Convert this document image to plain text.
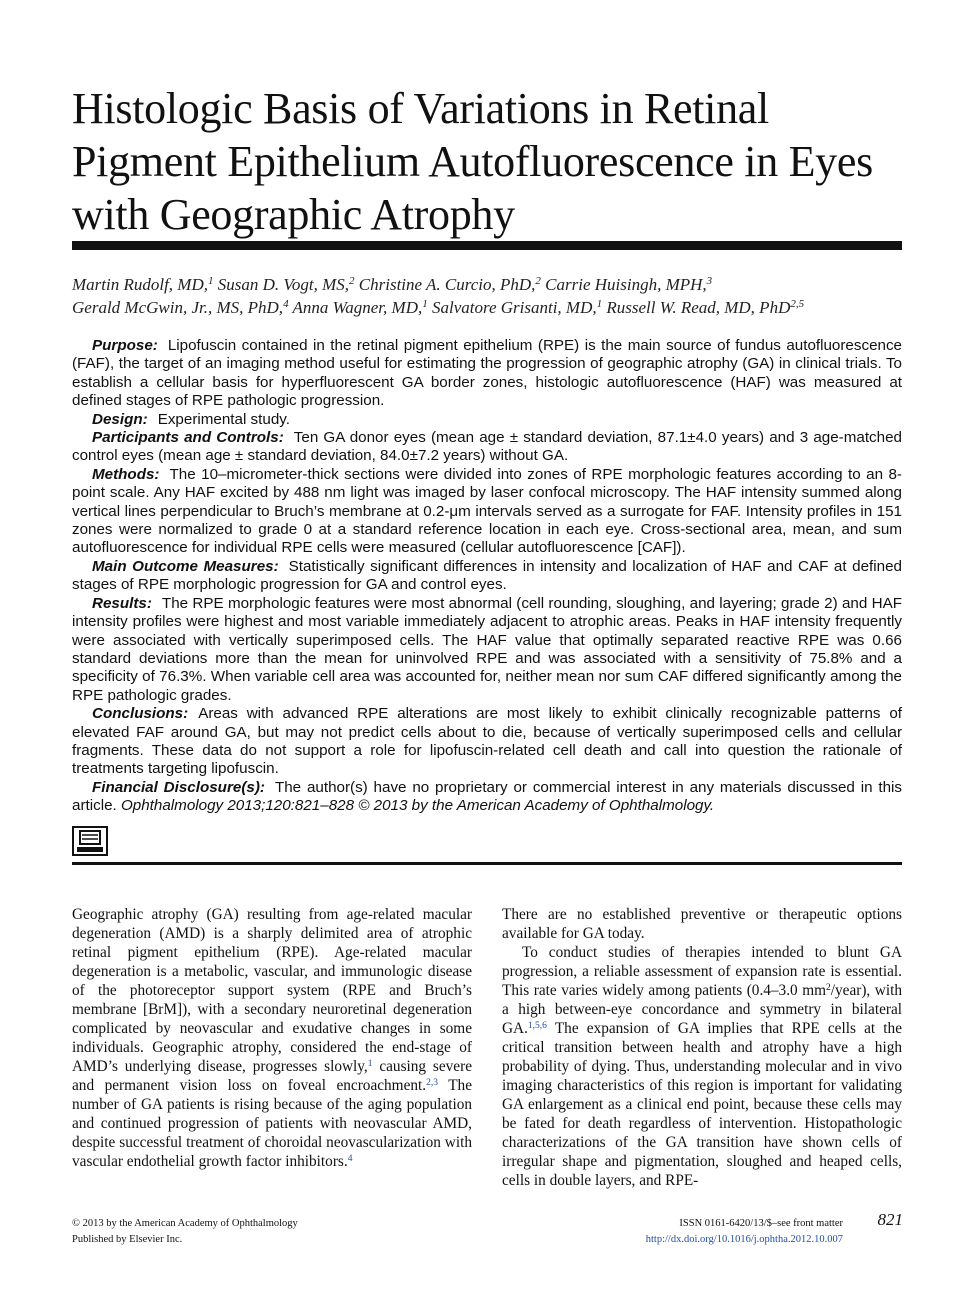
Histologic Basis of Variations in Retinal Pigment Epithelium Autofluorescence in Eyes with Geographic Atrophy
Martin Rudolf, MD,$^1$ Susan D. Vogt, MS,$^2$ Christine A. Curcio, PhD,$^2$ Carrie Huisingh, MPH,$^3$
Gerald McGwin, Jr., MS, PhD,$^4$ Anna Wagner, MD,$^1$ Salvatore Grisanti, MD,$^1$ Russell W. Read, MD, PhD$^{2,5}$

Purpose: Lipofuscin contained in the retinal pigment epithelium (RPE) is the main source of fundus autofluorescence (FAF), the target of an imaging method useful for estimating the progression of geographic atrophy (GA) in clinical trials. To establish a cellular basis for hyperfluorescent GA border zones, histologic autofluorescence (HAF) was measured at defined stages of RPE pathologic progression.

Design: Experimental study.

Participants and Controls: Ten GA donor eyes (mean age ± standard deviation, 87.1±4.0 years) and 3 age-matched control eyes (mean age ± standard deviation, 84.0±7.2 years) without GA.

Methods: The 10–micrometer-thick sections were divided into zones of RPE morphologic features according to an 8-point scale. Any HAF excited by 488 nm light was imaged by laser confocal microscopy. The HAF intensity summed along vertical lines perpendicular to Bruch’s membrane at 0.2-μm intervals served as a surrogate for FAF. Intensity profiles in 151 zones were normalized to grade 0 at a standard reference location in each eye. Cross-sectional area, mean, and sum autofluorescence for individual RPE cells were measured (cellular autofluorescence [CAF]).

Main Outcome Measures: Statistically significant differences in intensity and localization of HAF and CAF at defined stages of RPE morphologic progression for GA and control eyes.

Results: The RPE morphologic features were most abnormal (cell rounding, sloughing, and layering; grade 2) and HAF intensity profiles were highest and most variable immediately adjacent to atrophic areas. Peaks in HAF intensity frequently were associated with vertically superimposed cells. The HAF value that optimally separated reactive RPE was 0.66 standard deviations more than the mean for uninvolved RPE and was associated with a sensitivity of 75.8% and a specificity of 76.3%. When variable cell area was accounted for, neither mean nor sum CAF differed significantly among the RPE pathologic grades.

Conclusions: Areas with advanced RPE alterations are most likely to exhibit clinically recognizable patterns of elevated FAF around GA, but may not predict cells about to die, because of vertically superimposed cells and cellular fragments. These data do not support a role for lipofuscin-related cell death and call into question the rationale of treatments targeting lipofuscin.

Financial Disclosure(s): The author(s) have no proprietary or commercial interest in any materials discussed in this article. Ophthalmology 2013;120:821–828 © 2013 by the American Academy of Ophthalmology.

Geographic atrophy (GA) resulting from age-related macular degeneration (AMD) is a sharply delimited area of atrophic retinal pigment epithelium (RPE). Age-related macular degeneration is a metabolic, vascular, and immunologic disease of the photoreceptor support system (RPE and Bruch’s membrane [BrM]), with a secondary neuroretinal degeneration complicated by neovascular and exudative changes in some individuals. Geographic atrophy, considered the end-stage of AMD’s underlying disease, progresses slowly,$^1$ causing severe and permanent vision loss on foveal encroachment.$^{2,3}$ The number of GA patients is rising because of the aging population and continued progression of patients with neovascular AMD, despite successful treatment of choroidal neovascularization with vascular endothelial growth factor inhibitors.$^4$

There are no established preventive or therapeutic options available for GA today.

To conduct studies of therapies intended to blunt GA progression, a reliable assessment of expansion rate is essential. This rate varies widely among patients (0.4–3.0 $mm^2/year$), with a high between-eye concordance and symmetry in bilateral GA.$^{1,5,6}$ The expansion of GA implies that RPE cells at the critical transition between health and atrophy have a high probability of dying. Thus, understanding molecular and in vivo imaging characteristics of this region is important for validating GA enlargement as a clinical end point, because these cells may be fated for death regardless of intervention. Histopathologic characterizations of the GA transition have shown cells of irregular shape and pigmentation, sloughed and heaped cells, cells in double layers, and RPE-

© 2013 by the American Academy of Ophthalmology
Published by Elsevier Inc.
ISSN 0161-6420/13/$–see front matter
http://dx.doi.org/10.1016/j.ophtha.2012.10.007
821
